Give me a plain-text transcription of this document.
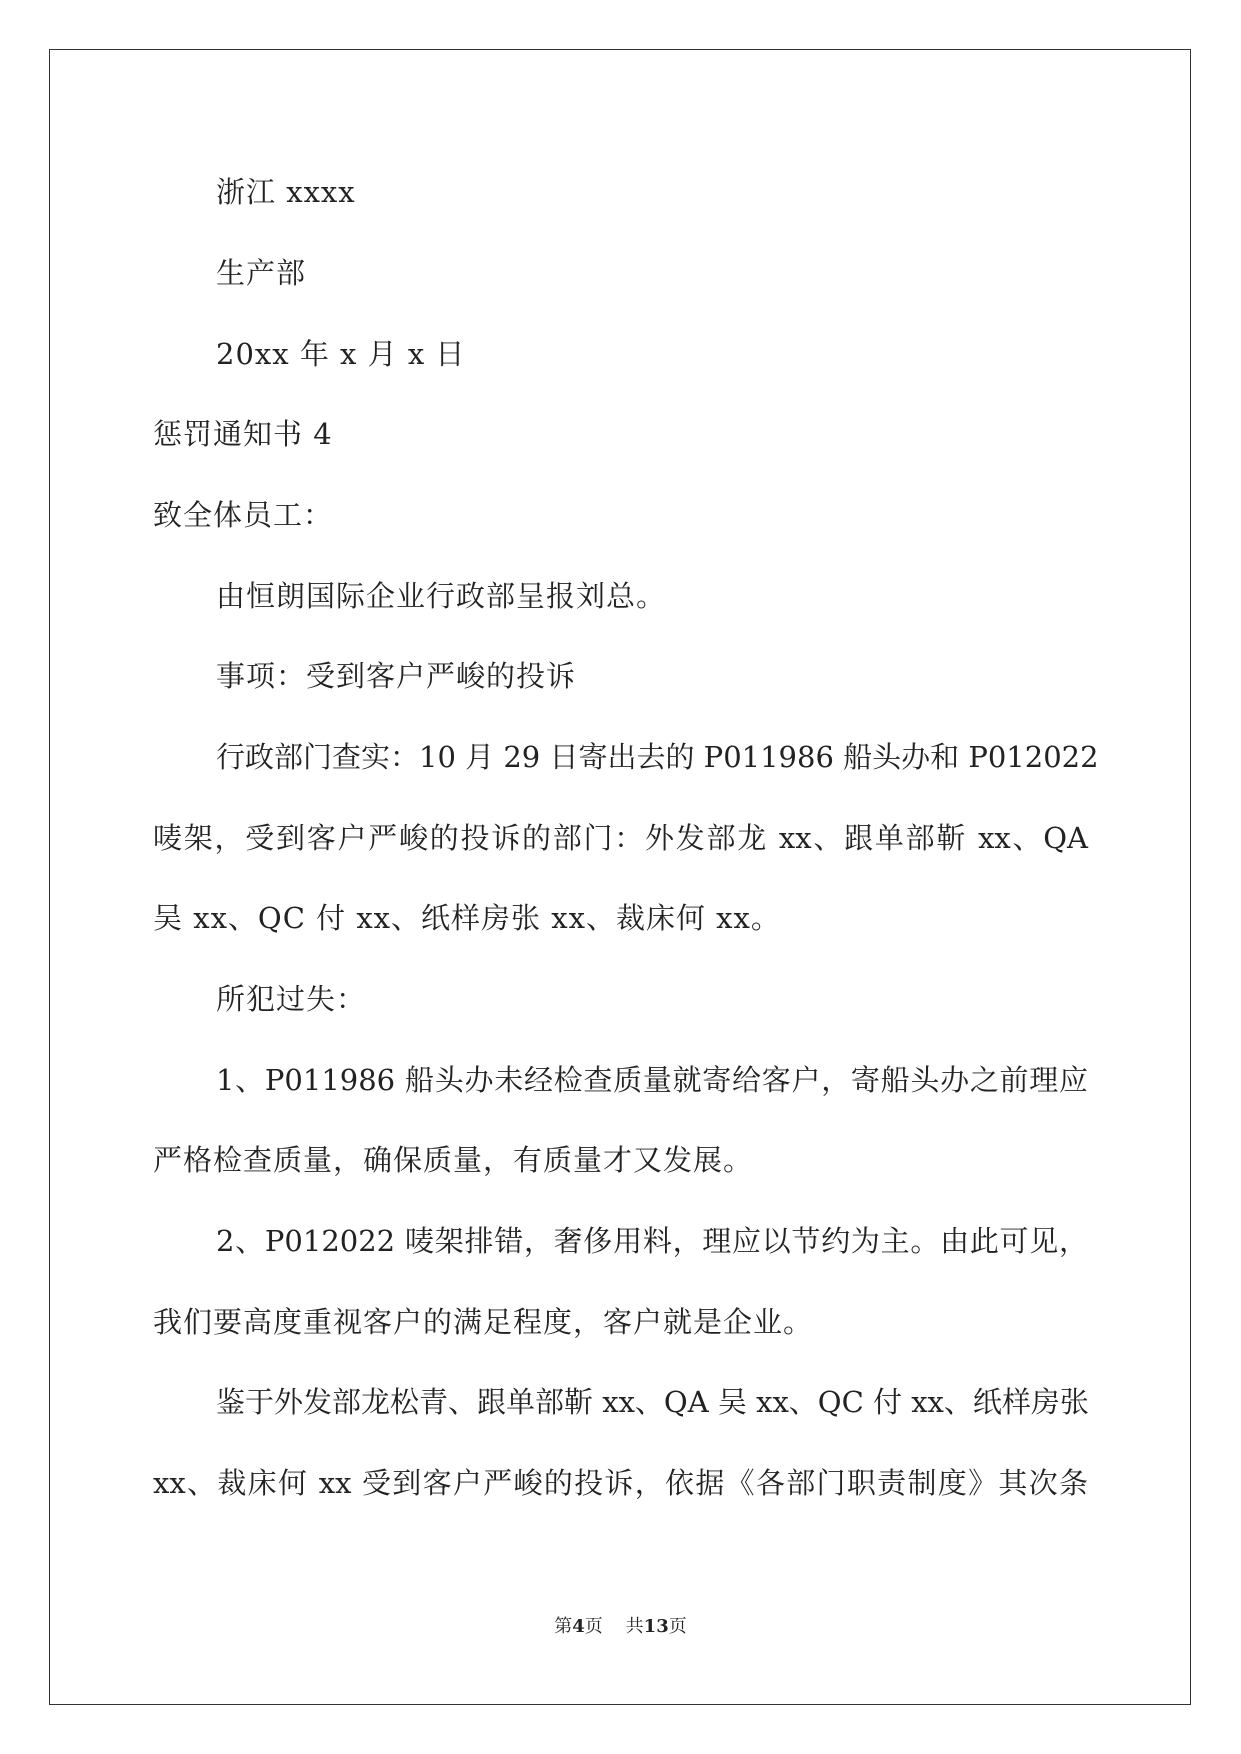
浙江 xxxx
生产部
20xx 年 x 月 x 日
惩罚通知书 4
致全体员工：
由恒朗国际企业行政部呈报刘总。
事项：受到客户严峻的投诉
行政部门查实：10 月 29 日寄出去的 P011986 船头办和 P012022
唛架，受到客户严峻的投诉的部门：外发部龙 xx、跟单部靳 xx、QA
吴 xx、QC 付 xx、纸样房张 xx、裁床何 xx。
所犯过失：
1、P011986 船头办未经检查质量就寄给客户，寄船头办之前理应
严格检查质量，确保质量，有质量才又发展。
2、P012022 唛架排错，奢侈用料，理应以节约为主。由此可见，
我们要高度重视客户的满足程度，客户就是企业。
鉴于外发部龙松青、跟单部靳 xx、QA 吴 xx、QC 付 xx、纸样房张
xx、裁床何 xx 受到客户严峻的投诉，依据《各部门职责制度》其次条
第4页    共13页
